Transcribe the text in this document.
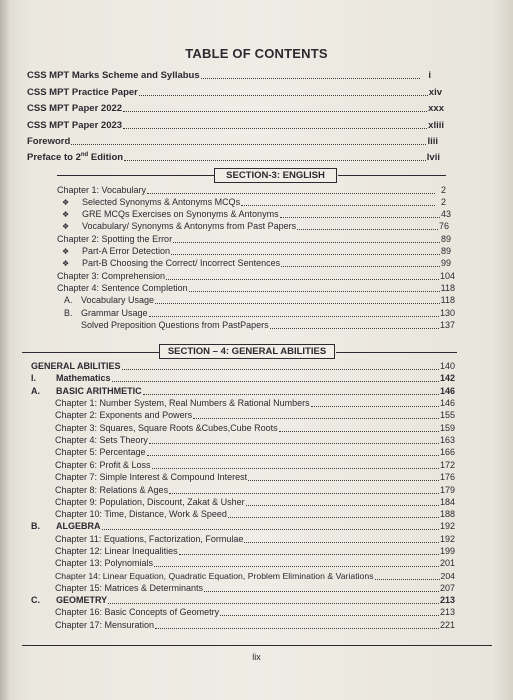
TABLE OF CONTENTS
CSS MPT Marks Scheme and Syllabus	i
CSS MPT Practice Paper	xiv
CSS MPT Paper 2022	xxx
CSS MPT Paper 2023	xliii
Foreword	liii
Preface to 2nd Edition	lvii
SECTION-3: ENGLISH
Chapter 1: Vocabulary	2
❖	Selected Synonyms & Antonyms MCQs	2
❖	GRE MCQs Exercises on Synonyms & Antonyms	43
❖	Vocabulary/ Synonyms & Antonyms from Past Papers	76
Chapter 2: Spotting the Error	89
❖	Part-A Error Detection	89
❖	Part-B Choosing the Correct/ Incorrect Sentences	99
Chapter 3: Comprehension	104
Chapter 4: Sentence Completion	118
A. Vocabulary Usage	118
B. Grammar Usage	130
Solved Preposition Questions from PastPapers	137
SECTION – 4: GENERAL ABILITIES
GENERAL ABILITIES	140
I.	Mathematics	142
A.	BASIC ARITHMETIC	146
Chapter 1: Number System, Real Numbers & Rational Numbers	146
Chapter 2: Exponents and Powers	155
Chapter 3: Squares, Square Roots &Cubes,Cube Roots	159
Chapter 4: Sets Theory	163
Chapter 5: Percentage	166
Chapter 6: Profit & Loss	172
Chapter 7: Simple Interest & Compound Interest	176
Chapter 8: Relations & Ages	179
Chapter 9: Population, Discount, Zakat & Usher	184
Chapter 10: Time, Distance, Work & Speed	188
B.	ALGEBRA	192
Chapter 11: Equations, Factorization, Formulae	192
Chapter 12: Linear Inequalities	199
Chapter 13: Polynomials	201
Chapter 14: Linear Equation, Quadratic Equation, Problem Elimination & Variations	204
Chapter 15: Matrices & Determinants	207
C.	GEOMETRY	213
Chapter 16: Basic Concepts of Geometry	213
Chapter 17: Mensuration	221
lix
